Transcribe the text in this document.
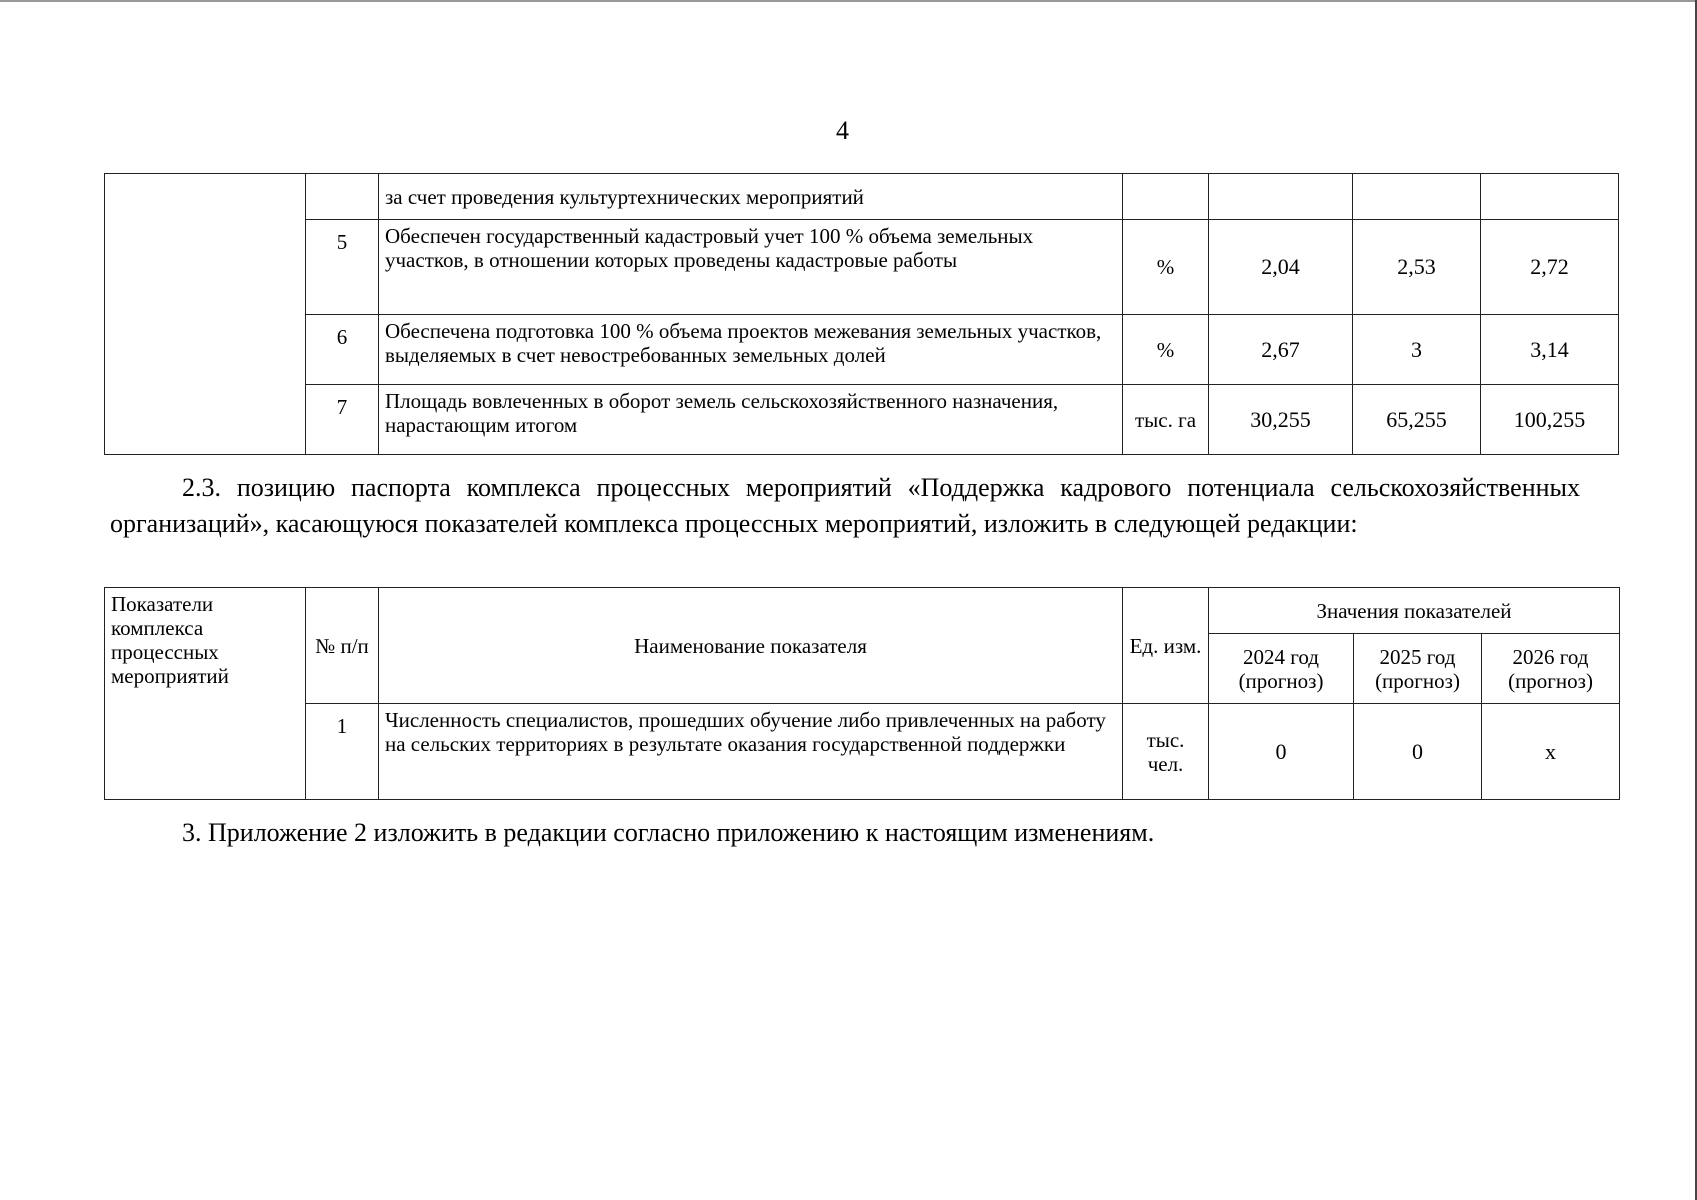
4
		за счет проведения культуртехнических мероприятий				
	5	Обеспечен государственный кадастровый учет 100 % объема земельных участков, в отношении которых проведены кадастровые работы	%	2,04	2,53	2,72
	6	Обеспечена подготовка 100 % объема проектов межевания земельных участков, выделяемых в счет невостребованных земельных долей	%	2,67	3	3,14
	7	Площадь вовлеченных в оборот земель сельскохозяйственного назначения, нарастающим итогом	тыс. га	30,255	65,255	100,255
2.3. позицию паспорта комплекса процессных мероприятий «Поддержка кадрового потенциала сельскохозяйственных организаций», касающуюся показателей комплекса процессных мероприятий, изложить в следующей редакции:
Показатели комплекса процессных мероприятий	№ п/п	Наименование показателя	Ед. изм.	Значения показателей		
				2024 год (прогноз)	2025 год (прогноз)	2026 год (прогноз)
	1	Численность специалистов, прошедших обучение либо привлеченных на работу на сельских территориях в результате оказания государственной поддержки	тыс. чел.	0	0	x
3. Приложение 2 изложить в редакции согласно приложению к настоящим изменениям.
